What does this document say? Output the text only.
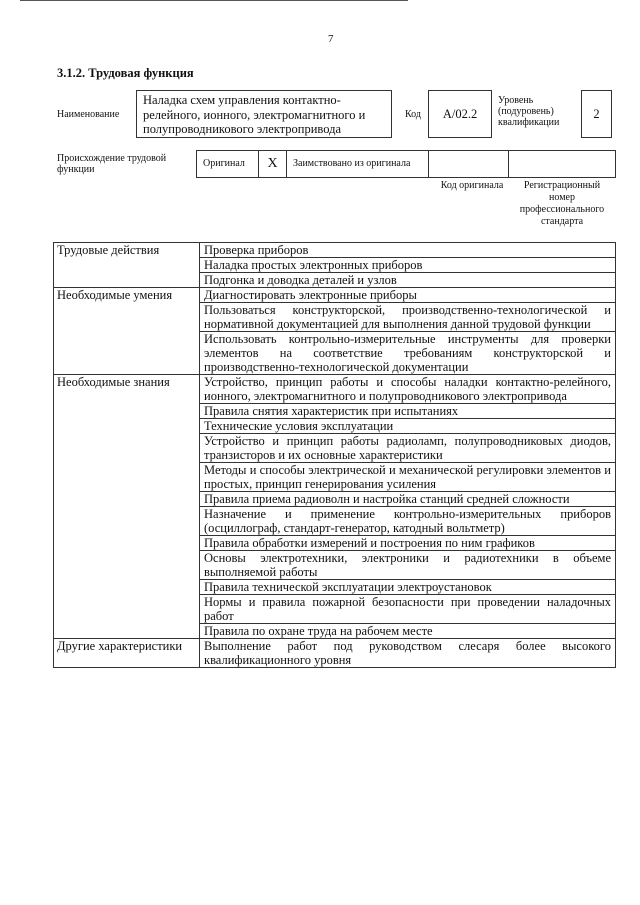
7
3.1.2. Трудовая функция
Наименование
Наладка схем управления контактно-релейного, ионного, электромагнитного и полупроводникового электропривода
Код А/02.2
Уровень (подуровень) квалификации
2
Происхождение трудовой функции
Оригинал	X	Заимствовано из оригинала
Код оригинала	Регистрационный номер профессионального стандарта
Трудовые действия	Проверка приборов
	Наладка простых электронных приборов
	Подгонка и доводка деталей и узлов
Необходимые умения	Диагностировать электронные приборы
	Пользоваться конструкторской, производственно-технологической и нормативной документацией для выполнения данной трудовой функции
	Использовать контрольно-измерительные инструменты для проверки элементов на соответствие требованиям конструкторской и производственно-технологической документации
Необходимые знания	Устройство, принцип работы и способы наладки контактно-релейного, ионного, электромагнитного и полупроводникового электропривода
	Правила снятия характеристик при испытаниях
	Технические условия эксплуатации
	Устройство и принцип работы радиоламп, полупроводниковых диодов, транзисторов и их основные характеристики
	Методы и способы электрической и механической регулировки элементов и простых, принцип генерирования усиления
	Правила приема радиоволн и настройка станций средней сложности
	Назначение и применение контрольно-измерительных приборов (осциллограф, стандарт-генератор, катодный вольтметр)
	Правила обработки измерений и построения по ним графиков
	Основы электротехники, электроники и радиотехники в объеме выполняемой работы
	Правила технической эксплуатации электроустановок
	Нормы и правила пожарной безопасности при проведении наладочных работ
	Правила по охране труда на рабочем месте
Другие характеристики	Выполнение работ под руководством слесаря более высокого квалификационного уровня
